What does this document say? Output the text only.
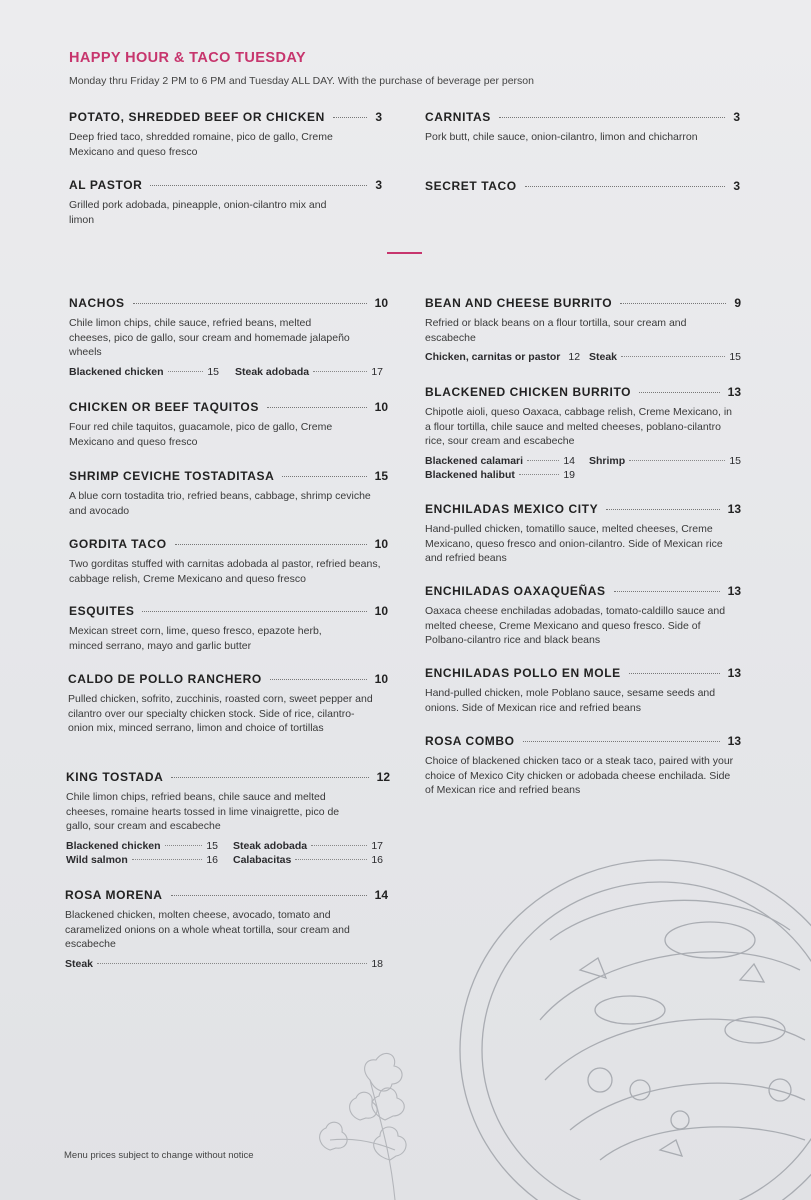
HAPPY HOUR & TACO TUESDAY
Monday thru Friday 2 PM to 6 PM and Tuesday ALL DAY. With the purchase of beverage per person
POTATO, SHREDDED BEEF OR CHICKEN	3
Deep fried taco, shredded romaine, pico de gallo, Creme Mexicano and queso fresco
CARNITAS	3
Pork butt, chile sauce, onion-cilantro, limon and chicharron
AL PASTOR	3
Grilled pork adobada, pineapple, onion-cilantro mix and limon
SECRET TACO	3
NACHOS	10
Chile limon chips, chile sauce, refried beans, melted cheeses, pico de gallo, sour cream and homemade jalapeño wheels
Blackened chicken	15 Steak adobada	17
CHICKEN OR BEEF TAQUITOS	10
Four red chile taquitos, guacamole, pico de gallo, Creme Mexicano and queso fresco
SHRIMP CEVICHE TOSTADITASA	15
A blue corn tostadita trio, refried beans, cabbage, shrimp ceviche and avocado
GORDITA TACO	10
Two gorditas stuffed with carnitas adobada al pastor, refried beans, cabbage relish, Creme Mexicano and queso fresco
ESQUITES	10
Mexican street corn, lime, queso fresco, epazote herb, minced serrano, mayo and garlic butter
CALDO DE POLLO RANCHERO	10
Pulled chicken, sofrito, zucchinis, roasted corn, sweet pepper and cilantro over our specialty chicken stock. Side of rice, cilantro-onion mix, minced serrano, limon and choice of tortillas
KING TOSTADA	12
Chile limon chips, refried beans, chile sauce and melted cheeses, romaine hearts tossed in lime vinaigrette, pico de gallo, sour cream and escabeche
Blackened chicken	15 Steak adobada	17
Wild salmon	16 Calabacitas	16
ROSA MORENA	14
Blackened chicken, molten cheese, avocado, tomato and caramelized onions on a whole wheat tortilla, sour cream and escabeche
Steak	18
BEAN AND CHEESE BURRITO	9
Refried or black beans on a flour tortilla, sour cream and escabeche
Chicken, carnitas or pastor 12 Steak	15
BLACKENED CHICKEN BURRITO	13
Chipotle aioli, queso Oaxaca, cabbage relish, Creme Mexicano, in a flour tortilla, chile sauce and melted cheeses, poblano-cilantro rice, sour cream and escabeche
Blackened calamari	14 Shrimp	15
Blackened halibut	19
ENCHILADAS MEXICO CITY	13
Hand-pulled chicken, tomatillo sauce, melted cheeses, Creme Mexicano, queso fresco and onion-cilantro. Side of Mexican rice and refried beans
ENCHILADAS OAXAQUEÑAS	13
Oaxaca cheese enchiladas adobadas, tomato-caldillo sauce and melted cheese, Creme Mexicano and queso fresco. Side of Polbano-cilantro rice and black beans
ENCHILADAS POLLO EN MOLE	13
Hand-pulled chicken, mole Poblano sauce, sesame seeds and onions. Side of Mexican rice and refried beans
ROSA COMBO	13
Choice of blackened chicken taco or a steak taco, paired with your choice of Mexico City chicken or adobada cheese enchilada. Side of Mexican rice and refried beans
Menu prices subject to change without notice
